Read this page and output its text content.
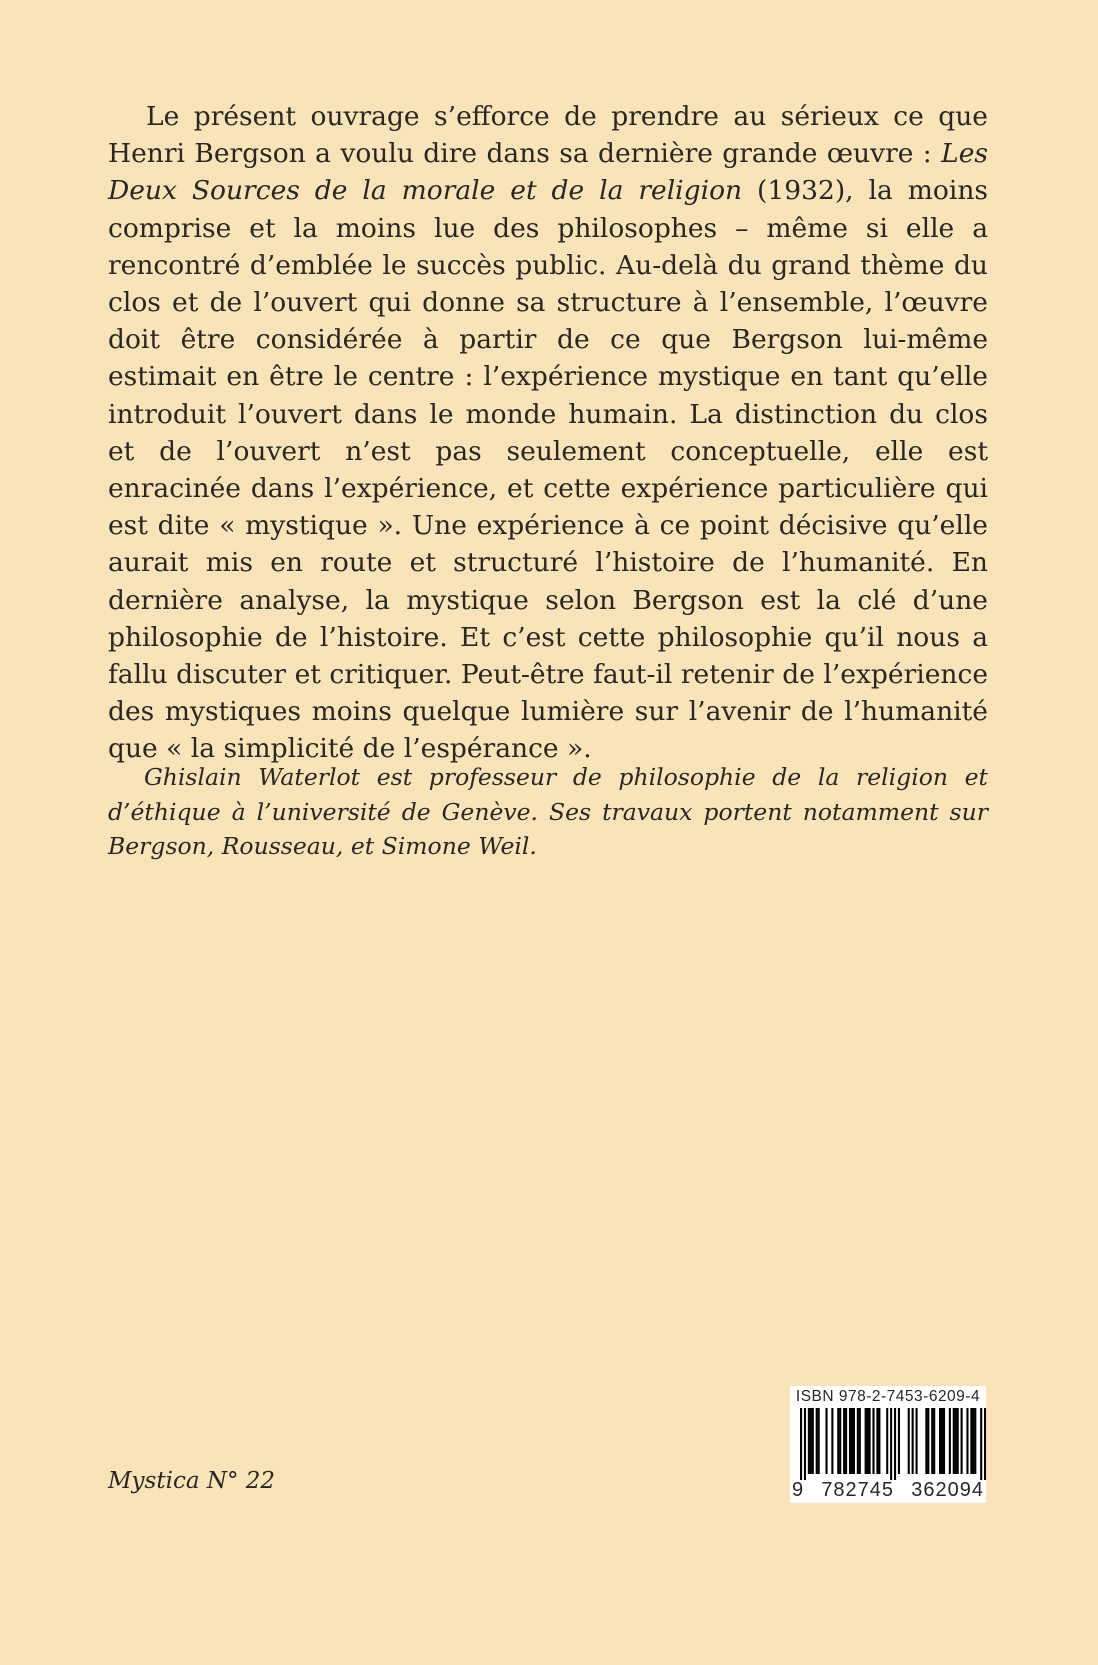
Le présent ouvrage s’efforce de prendre au sérieux ce que Henri Bergson a voulu dire dans sa dernière grande œuvre : Les Deux Sources de la morale et de la religion (1932), la moins comprise et la moins lue des philosophes – même si elle a rencontré d’emblée le succès public. Au-delà du grand thème du clos et de l’ouvert qui donne sa structure à l’ensemble, l’œuvre doit être considérée à partir de ce que Bergson lui-même estimait en être le centre : l’expérience mystique en tant qu’elle introduit l’ouvert dans le monde humain. La distinction du clos et de l’ouvert n’est pas seulement conceptuelle, elle est enracinée dans l’expérience, et cette expérience particulière qui est dite « mystique ». Une expérience à ce point décisive qu’elle aurait mis en route et structuré l’histoire de l’humanité. En dernière analyse, la mystique selon Bergson est la clé d’une philosophie de l’histoire. Et c’est cette philosophie qu’il nous a fallu discuter et critiquer. Peut-être faut-il retenir de l’expérience des mystiques moins quelque lumière sur l’avenir de l’humanité que « la simplicité de l’espérance ».

Ghislain Waterlot est professeur de philosophie de la religion et d’éthique à l’université de Genève. Ses travaux portent notamment sur Bergson, Rousseau, et Simone Weil.

Mystica N° 22

ISBN 978-2-7453-6209-4
9 782745 362094
